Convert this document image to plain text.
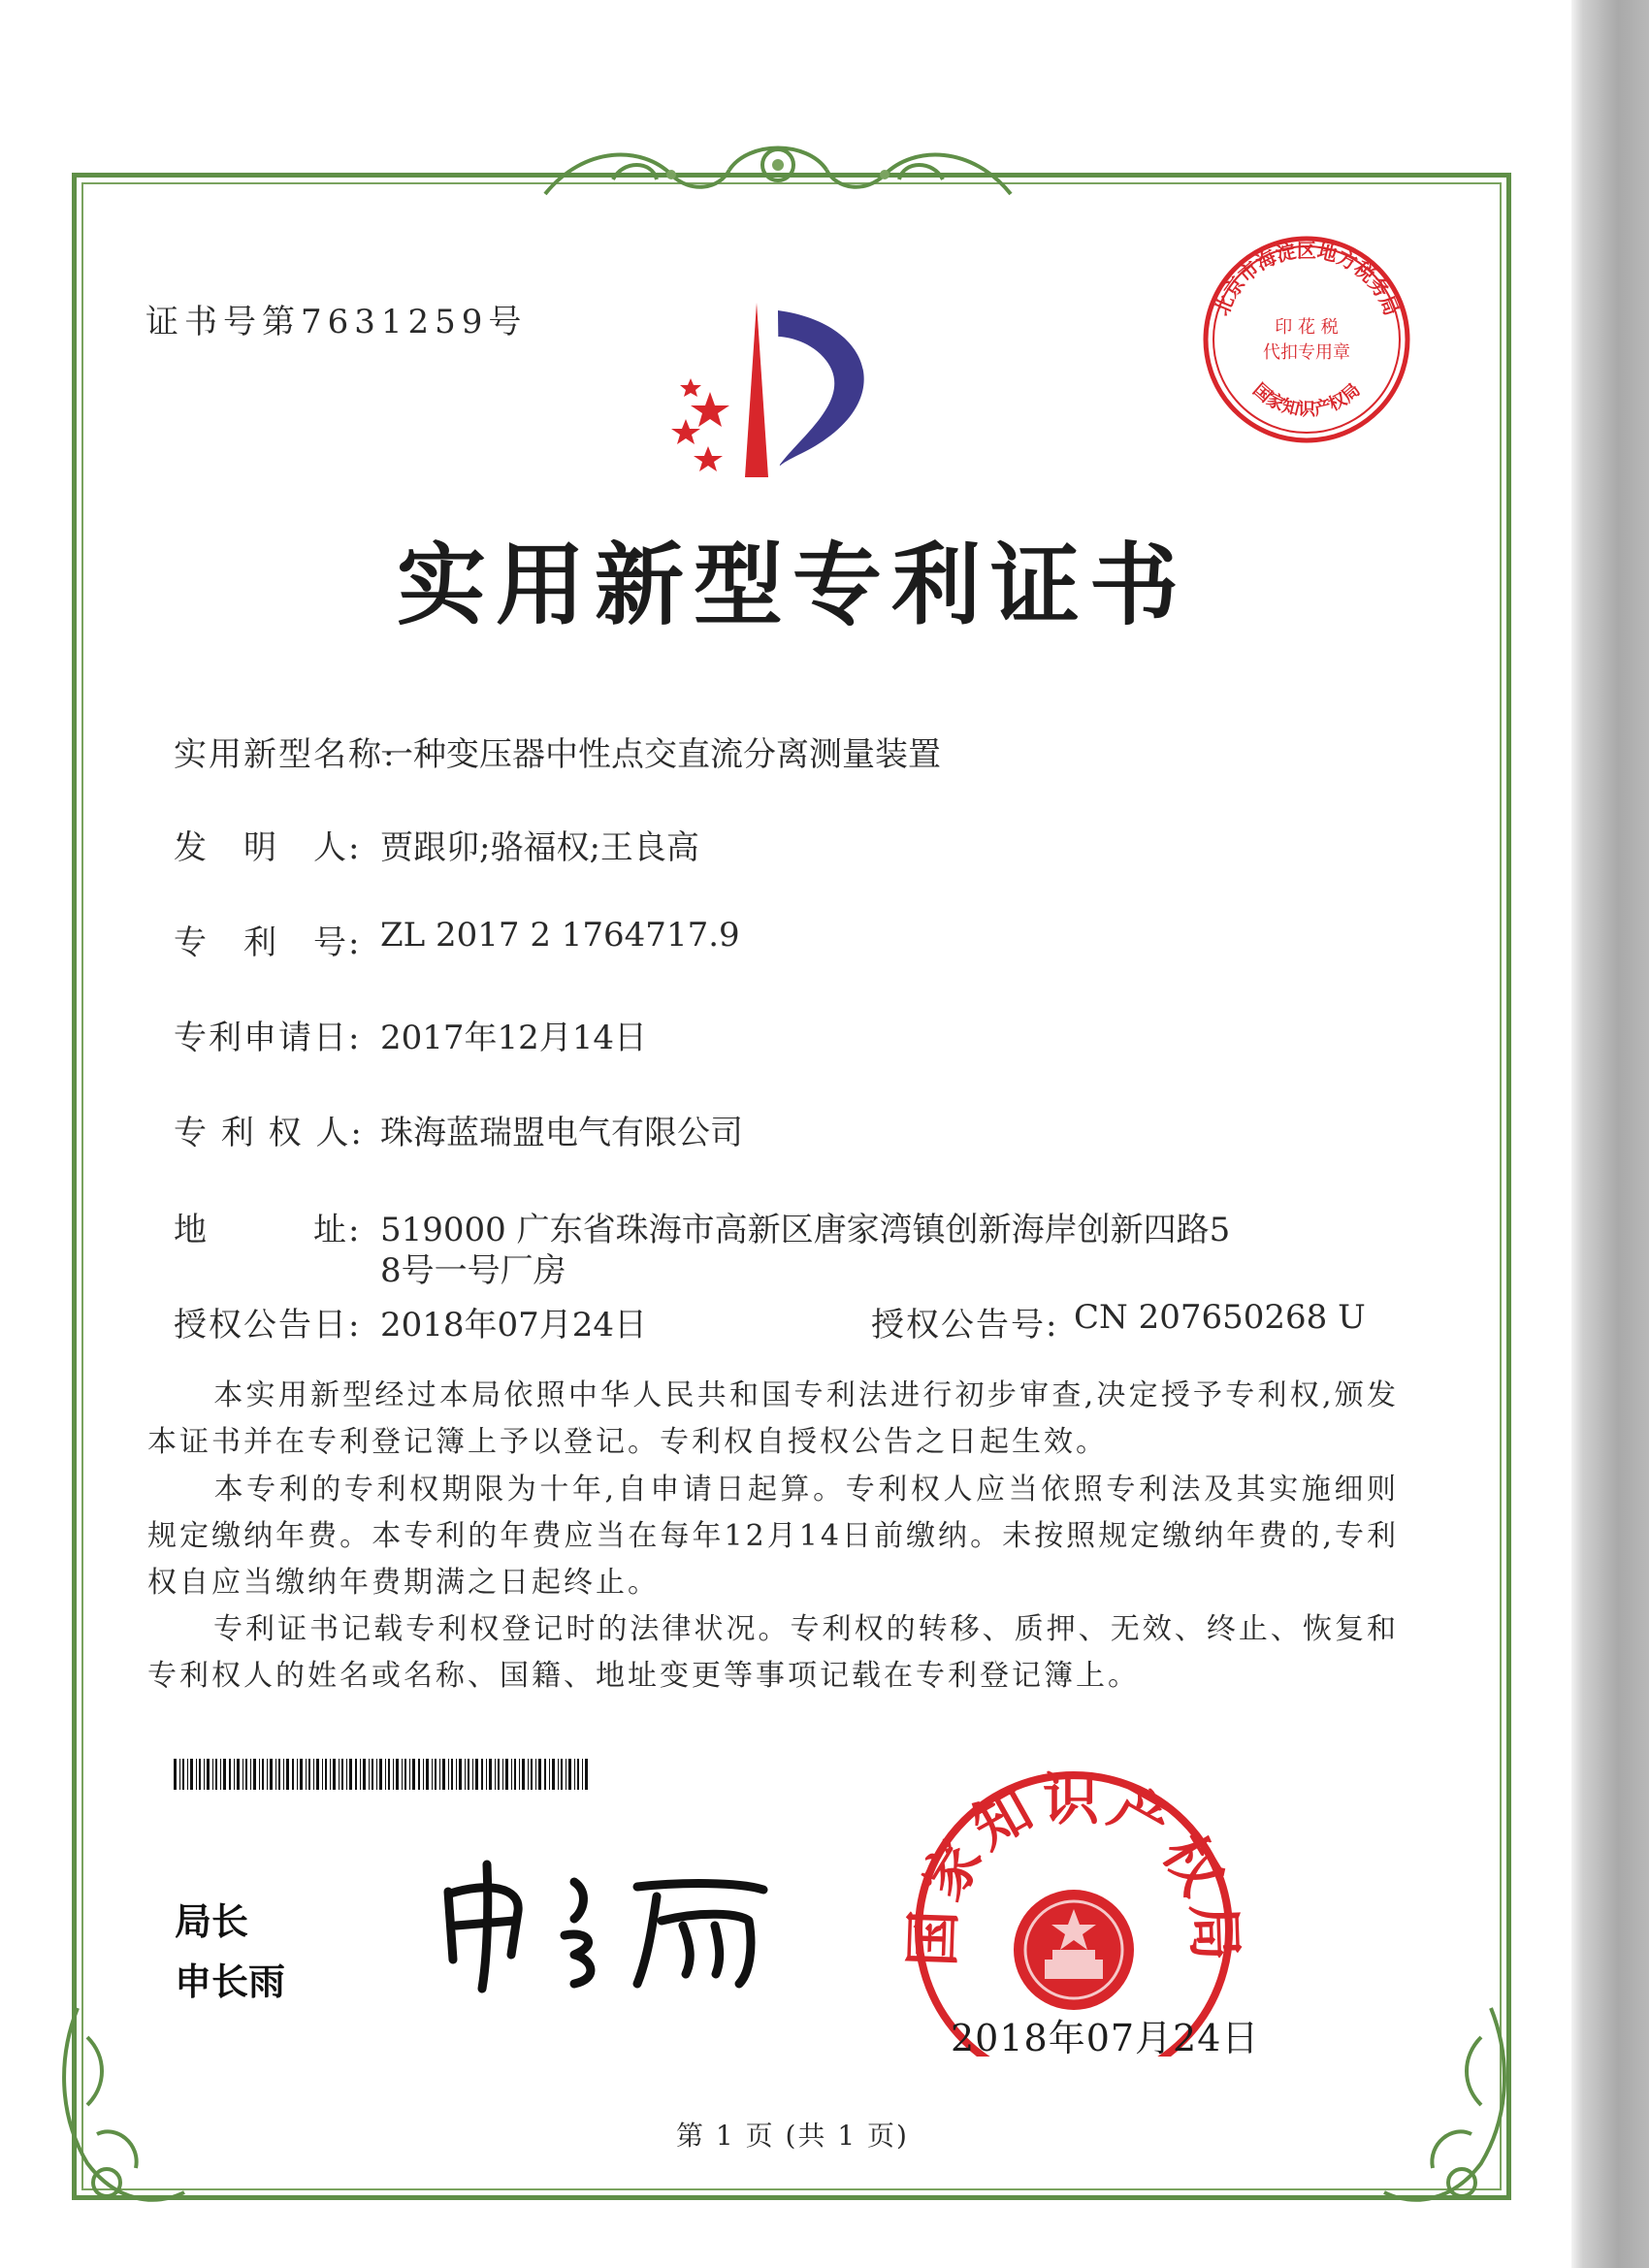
证书号第7631259号	北京市海淀区地方税务局
印 花 税
代扣专用章
国家知识产权局
实用新型专利证书
实用新型名称:
一种变压器中性点交直流分离测量装置
发　明　人: 贾跟卯;骆福权;王良高
专　利　号: ZL 2017 2 1764717.9
专利申请日: 2017年12月14日
专 利 权 人: 珠海蓝瑞盟电气有限公司
地　　　址: 519000 广东省珠海市高新区唐家湾镇创新海岸创新四路5
8号一号厂房
授权公告日: 2018年07月24日	授权公告号: CN 207650268 U
本实用新型经过本局依照中华人民共和国专利法进行初步审查,决定授予专利权,颁发本证书并在专利登记簿上予以登记。专利权自授权公告之日起生效。
本专利的专利权期限为十年,自申请日起算。专利权人应当依照专利法及其实施细则规定缴纳年费。本专利的年费应当在每年12月14日前缴纳。未按照规定缴纳年费的,专利权自应当缴纳年费期满之日起终止。
专利证书记载专利权登记时的法律状况。专利权的转移、质押、无效、终止、恢复和专利权人的姓名或名称、国籍、地址变更等事项记载在专利登记簿上。
局长
申长雨
国家知识产权局
2018年07月24日
第 1 页 (共 1 页)
